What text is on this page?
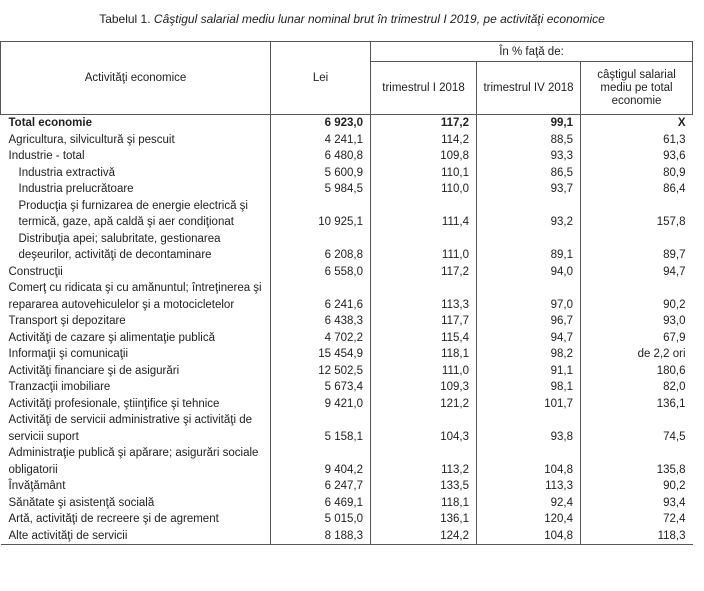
Tabelul 1. Câştigul salarial mediu lunar nominal brut în trimestrul I 2019, pe activităţi economice
Activităţi economice	Lei	În % faţă de:		
		trimestrul I 2018	trimestrul IV 2018	câştigul salarial mediu pe total economie
Total economie	6 923,0	117,2	99,1	X
Agricultura, silvicultură şi pescuit	4 241,1	114,2	88,5	61,3
Industrie - total	6 480,8	109,8	93,3	93,6
Industria extractivă	5 600,9	110,1	86,5	80,9
Industria prelucrătoare	5 984,5	110,0	93,7	86,4
Producţia şi furnizarea de energie electrică şi termică, gaze, apă caldă şi aer condiţionat	10 925,1	111,4	93,2	157,8
Distribuţia apei; salubritate, gestionarea deşeurilor, activităţi de decontaminare	6 208,8	111,0	89,1	89,7
Construcţii	6 558,0	117,2	94,0	94,7
Comerţ cu ridicata şi cu amănuntul; întreţinerea şi repararea autovehiculelor şi a motocicletelor	6 241,6	113,3	97,0	90,2
Transport şi depozitare	6 438,3	117,7	96,7	93,0
Activităţi de cazare şi alimentaţie publică	4 702,2	115,4	94,7	67,9
Informaţii şi comunicaţii	15 454,9	118,1	98,2	de 2,2 ori
Activităţi financiare şi de asigurări	12 502,5	111,0	91,1	180,6
Tranzacţii imobiliare	5 673,4	109,3	98,1	82,0
Activităţi profesionale, ştiinţifice şi tehnice	9 421,0	121,2	101,7	136,1
Activităţi de servicii administrative şi activităţi de servicii suport	5 158,1	104,3	93,8	74,5
Administraţie publică şi apărare; asigurări sociale obligatorii	9 404,2	113,2	104,8	135,8
Învăţământ	6 247,7	133,5	113,3	90,2
Sănătate şi asistenţă socială	6 469,1	118,1	92,4	93,4
Artă, activităţi de recreere şi de agrement	5 015,0	136,1	120,4	72,4
Alte activităţi de servicii	8 188,3	124,2	104,8	118,3
